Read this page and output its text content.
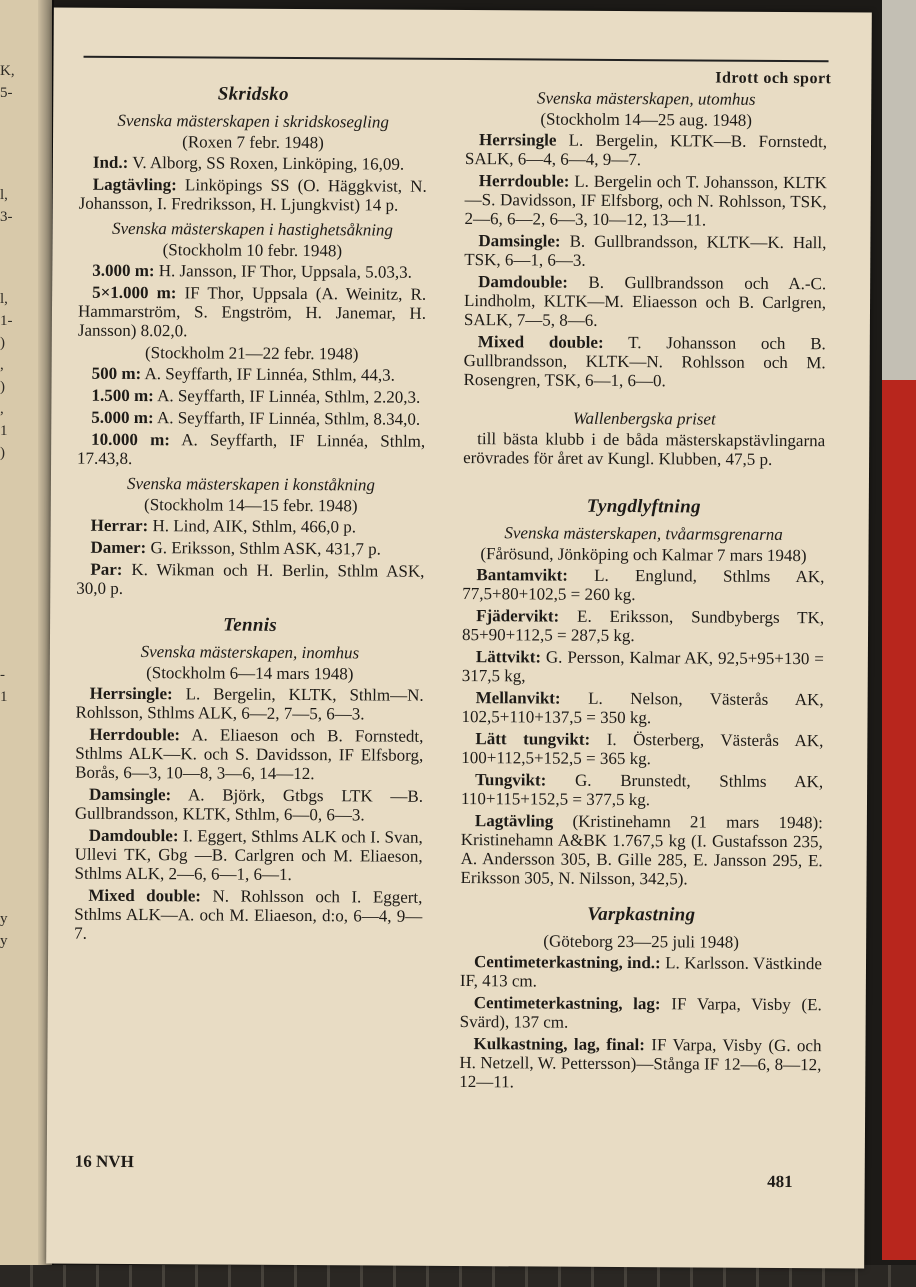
K,
5-
l,
3-
l,
1-
)
,
)
,
1
)
-
1
y
y
Idrott och sport
Skridsko
Svenska mästerskapen i skridskosegling
(Roxen 7 febr. 1948)

Ind.: V. Alborg, SS Roxen, Linköping, 16,09.

Lagtävling: Linköpings SS (O. Häggkvist, N. Johansson, I. Fredriksson, H. Ljungkvist) 14 p.

Svenska mästerskapen i hastighetsåkning
(Stockholm 10 febr. 1948)

3.000 m: H. Jansson, IF Thor, Uppsala, 5.03,3.

5×1.000 m: IF Thor, Uppsala (A. Weinitz, R. Hammarström, S. Engström, H. Janemar, H. Jansson) 8.02,0.

(Stockholm 21—22 febr. 1948)

500 m: A. Seyffarth, IF Linnéa, Sthlm, 44,3.

1.500 m: A. Seyffarth, IF Linnéa, Sthlm, 2.20,3.

5.000 m: A. Seyffarth, IF Linnéa, Sthlm, 8.34,0.

10.000 m: A. Seyffarth, IF Linnéa, Sthlm, 17.43,8.

Svenska mästerskapen i konståkning
(Stockholm 14—15 febr. 1948)

Herrar: H. Lind, AIK, Sthlm, 466,0 p.

Damer: G. Eriksson, Sthlm ASK, 431,7 p.

Par: K. Wikman och H. Berlin, Sthlm ASK, 30,0 p.

Tennis
Svenska mästerskapen, inomhus
(Stockholm 6—14 mars 1948)

Herrsingle: L. Bergelin, KLTK, Sthlm—N. Rohlsson, Sthlms ALK, 6—2, 7—5, 6—3.

Herrdouble: A. Eliaeson och B. Fornstedt, Sthlms ALK—K. och S. Davidsson, IF Elfsborg, Borås, 6—3, 10—8, 3—6, 14—12.

Damsingle: A. Björk, Gtbgs LTK —B. Gullbrandsson, KLTK, Sthlm, 6—0, 6—3.

Damdouble: I. Eggert, Sthlms ALK och I. Svan, Ullevi TK, Gbg —B. Carlgren och M. Eliaeson, Sthlms ALK, 2—6, 6—1, 6—1.

Mixed double: N. Rohlsson och I. Eggert, Sthlms ALK—A. och M. Eliaeson, d:o, 6—4, 9—7.

Svenska mästerskapen, utomhus
(Stockholm 14—25 aug. 1948)

Herrsingle L. Bergelin, KLTK—B. Fornstedt, SALK, 6—4, 6—4, 9—7.

Herrdouble: L. Bergelin och T. Johansson, KLTK—S. Davidsson, IF Elfsborg, och N. Rohlsson, TSK, 2—6, 6—2, 6—3, 10—12, 13—11.

Damsingle: B. Gullbrandsson, KLTK—K. Hall, TSK, 6—1, 6—3.

Damdouble: B. Gullbrandsson och A.-C. Lindholm, KLTK—M. Eliaesson och B. Carlgren, SALK, 7—5, 8—6.

Mixed double: T. Johansson och B. Gullbrandsson, KLTK—N. Rohlsson och M. Rosengren, TSK, 6—1, 6—0.

Wallenbergska priset

till bästa klubb i de båda mästerskapstävlingarna erövrades för året av Kungl. Klubben, 47,5 p.

Tyngdlyftning
Svenska mästerskapen, tvåarmsgrenarna
(Fårösund, Jönköping och Kalmar 7 mars 1948)

Bantamvikt: L. Englund, Sthlms AK, 77,5+80+102,5 = 260 kg.

Fjädervikt: E. Eriksson, Sundbybergs TK, 85+90+112,5 = 287,5 kg.

Lättvikt: G. Persson, Kalmar AK, 92,5+95+130 = 317,5 kg,

Mellanvikt: L. Nelson, Västerås AK, 102,5+110+137,5 = 350 kg.

Lätt tungvikt: I. Österberg, Västerås AK, 100+112,5+152,5 = 365 kg.

Tungvikt: G. Brunstedt, Sthlms AK, 110+115+152,5 = 377,5 kg.

Lagtävling (Kristinehamn 21 mars 1948): Kristinehamn A&BK 1.767,5 kg (I. Gustafsson 235, A. Andersson 305, B. Gille 285, E. Jansson 295, E. Eriksson 305, N. Nilsson, 342,5).

Varpkastning
(Göteborg 23—25 juli 1948)

Centimeterkastning, ind.: L. Karlsson. Västkinde IF, 413 cm.

Centimeterkastning, lag: IF Varpa, Visby (E. Svärd), 137 cm.

Kulkastning, lag, final: IF Varpa, Visby (G. och H. Netzell, W. Pettersson)—Stånga IF 12—6, 8—12, 12—11.

16 NVH
481
